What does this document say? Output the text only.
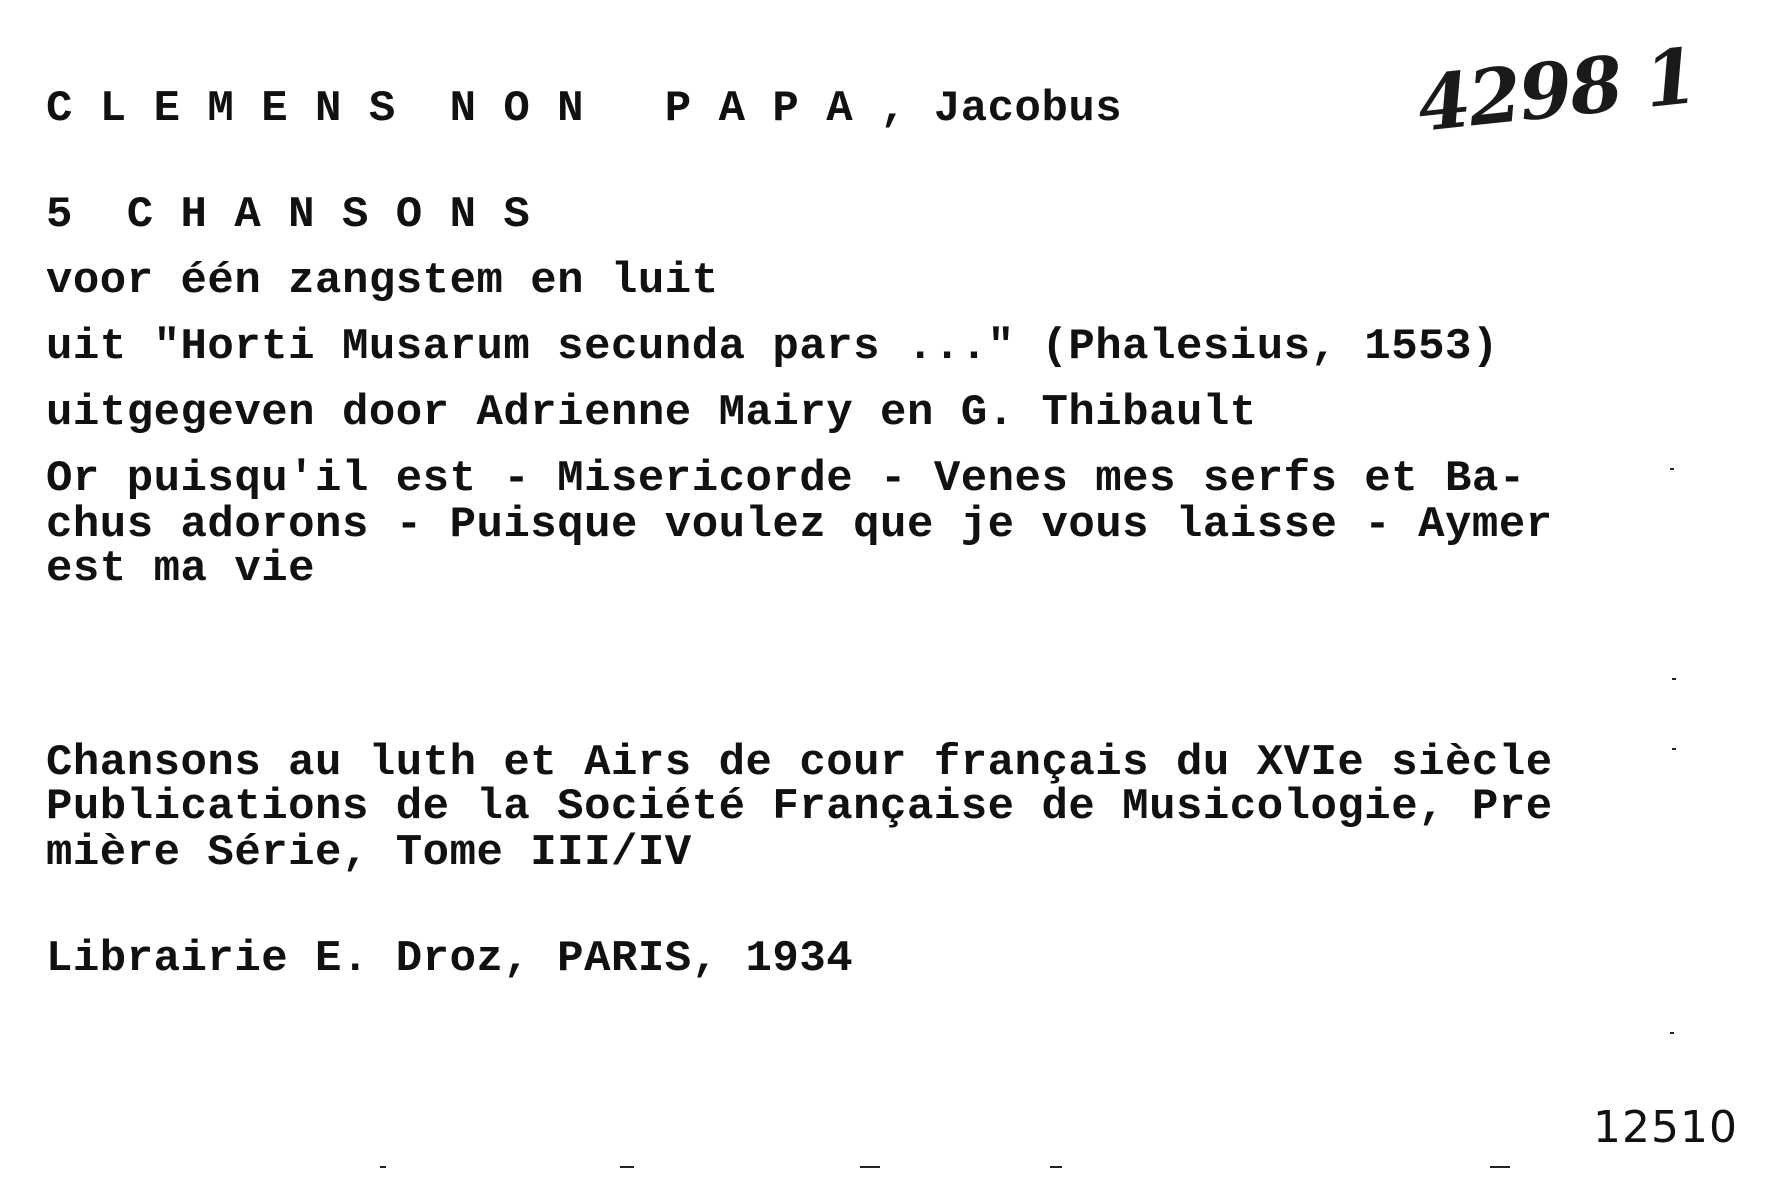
C L E M E N S  N O N   P A P A , Jacobus	4298 1
5  C H A N S O N S
voor één zangstem en luit
uit "Horti Musarum secunda pars ..." (Phalesius, 1553)
uitgegeven door Adrienne Mairy en G. Thibault
Or puisqu'il est - Misericorde - Venes mes serfs et Ba-
chus adorons - Puisque voulez que je vous laisse - Aymer
est ma vie
Chansons au luth et Airs de cour français du XVIe siècle
Publications de la Société Française de Musicologie, Pre
mière Série, Tome III/IV
Librairie E. Droz, PARIS, 1934
12510
